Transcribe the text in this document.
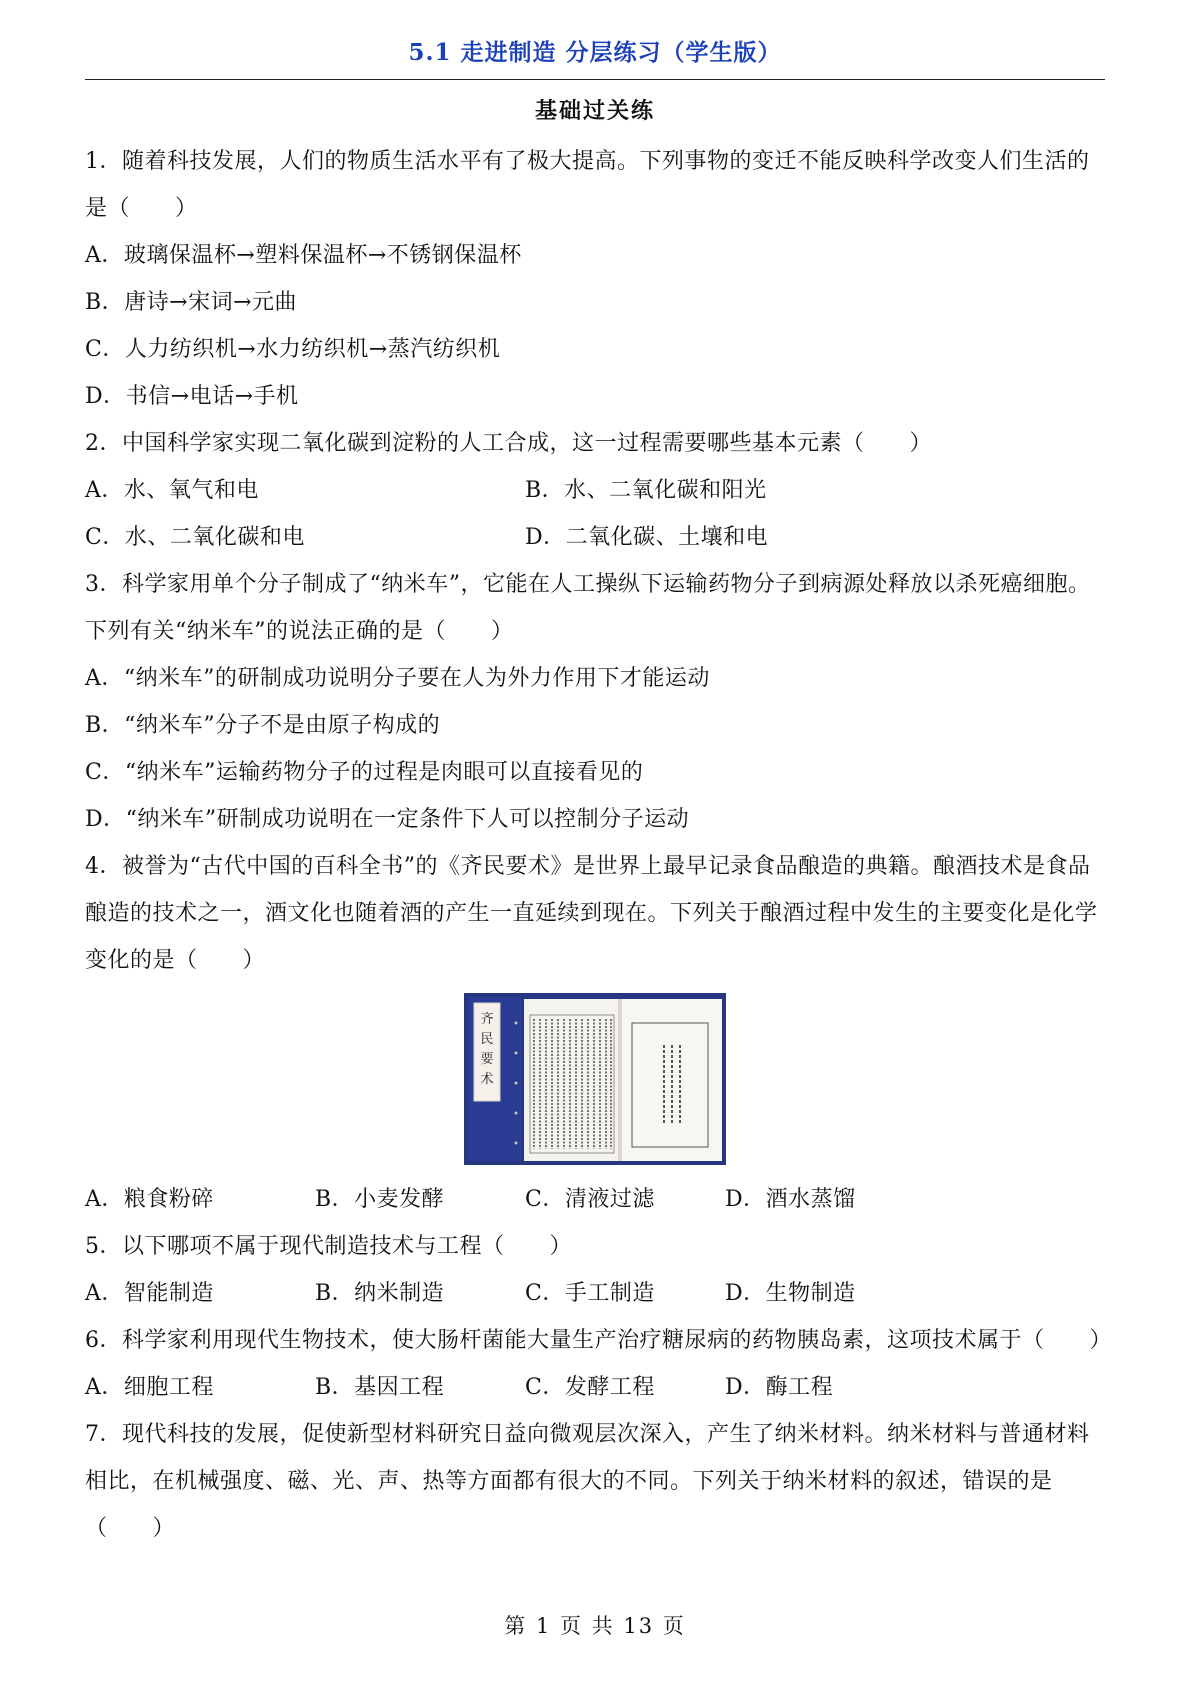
5.1 走进制造 分层练习（学生版）
基础过关练

1．随着科技发展，人们的物质生活水平有了极大提高。下列事物的变迁不能反映科学改变人们生活的是（　　）

A．玻璃保温杯→塑料保温杯→不锈钢保温杯

B．唐诗→宋词→元曲

C．人力纺织机→水力纺织机→蒸汽纺织机

D．书信→电话→手机

2．中国科学家实现二氧化碳到淀粉的人工合成，这一过程需要哪些基本元素（　　）

A．水、氧气和电	B．水、二氧化碳和阳光
C．水、二氧化碳和电	D．二氧化碳、土壤和电

3．科学家用单个分子制成了“纳米车”，它能在人工操纵下运输药物分子到病源处释放以杀死癌细胞。下列有关“纳米车”的说法正确的是（　　）

A．“纳米车”的研制成功说明分子要在人为外力作用下才能运动

B．“纳米车”分子不是由原子构成的

C．“纳米车”运输药物分子的过程是肉眼可以直接看见的

D．“纳米车”研制成功说明在一定条件下人可以控制分子运动

4．被誉为“古代中国的百科全书”的《齐民要术》是世界上最早记录食品酿造的典籍。酿酒技术是食品酿造的技术之一，酒文化也随着酒的产生一直延续到现在。下列关于酿酒过程中发生的主要变化是化学变化的是（　　）

齐
民
要
术
A．粮食粉碎	B．小麦发酵	C．清液过滤	D．酒水蒸馏

5．以下哪项不属于现代制造技术与工程（　　）

A．智能制造	B．纳米制造	C．手工制造	D．生物制造

6．科学家利用现代生物技术，使大肠杆菌能大量生产治疗糖尿病的药物胰岛素，这项技术属于（　　）

A．细胞工程	B．基因工程	C．发酵工程	D．酶工程

7．现代科技的发展，促使新型材料研究日益向微观层次深入，产生了纳米材料。纳米材料与普通材料相比，在机械强度、磁、光、声、热等方面都有很大的不同。下列关于纳米材料的叙述，错误的是（　　）

第 1 页 共 13 页
